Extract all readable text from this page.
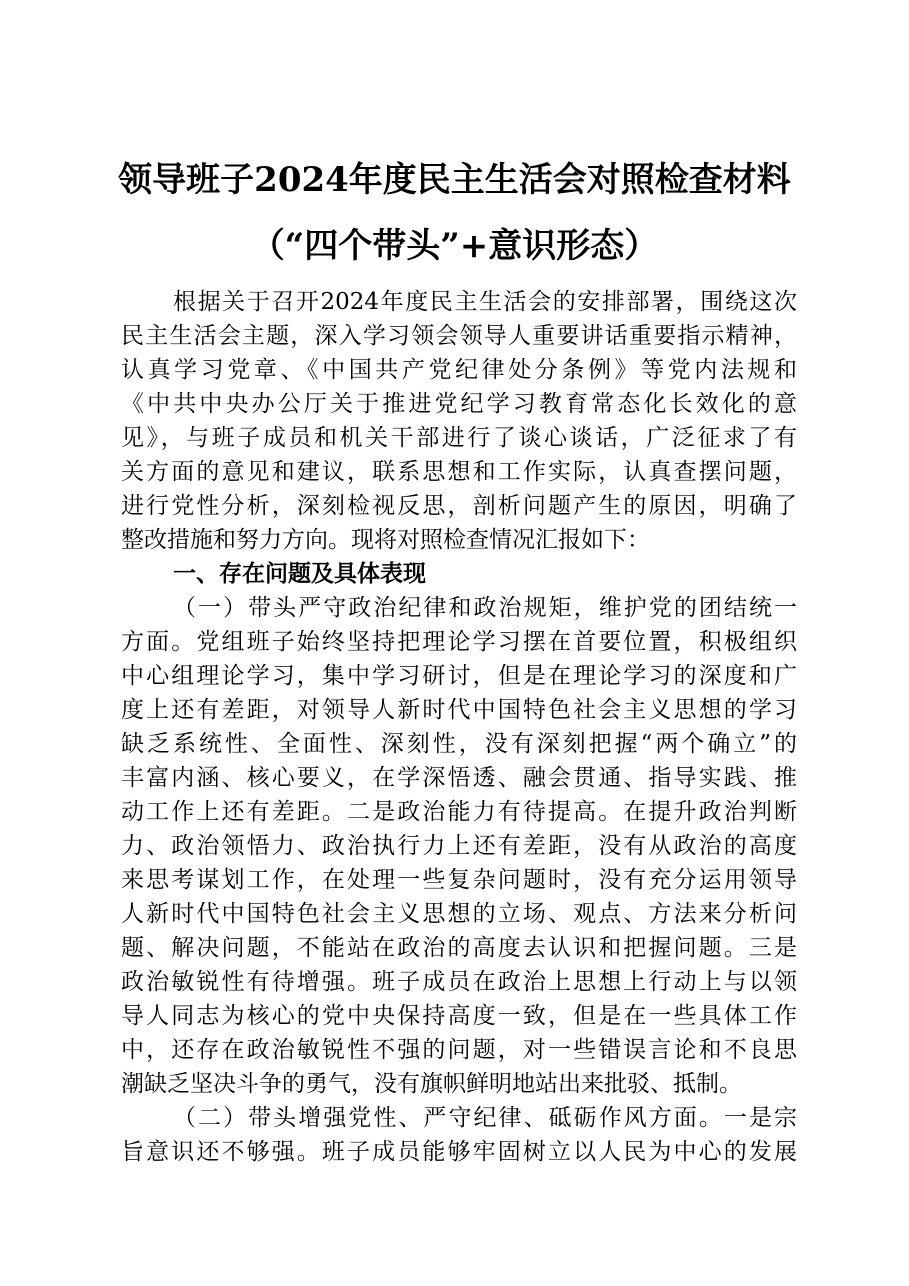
领导班子2024年度民主生活会对照检查材料
（“四个带头”+意识形态）
根据关于召开2024年度民主生活会的安排部署，围绕这次
民主生活会主题，深入学习领会领导人重要讲话重要指示精神，
认真学习党章、《中国共产党纪律处分条例》等党内法规和
《中共中央办公厅关于推进党纪学习教育常态化长效化的意
见》，与班子成员和机关干部进行了谈心谈话，广泛征求了有
关方面的意见和建议，联系思想和工作实际，认真查摆问题，
进行党性分析，深刻检视反思，剖析问题产生的原因，明确了
整改措施和努力方向。现将对照检查情况汇报如下：
一、存在问题及具体表现
（一）带头严守政治纪律和政治规矩，维护党的团结统一
方面。党组班子始终坚持把理论学习摆在首要位置，积极组织
中心组理论学习，集中学习研讨，但是在理论学习的深度和广
度上还有差距，对领导人新时代中国特色社会主义思想的学习
缺乏系统性、全面性、深刻性，没有深刻把握“两个确立”的
丰富内涵、核心要义，在学深悟透、融会贯通、指导实践、推
动工作上还有差距。二是政治能力有待提高。在提升政治判断
力、政治领悟力、政治执行力上还有差距，没有从政治的高度
来思考谋划工作，在处理一些复杂问题时，没有充分运用领导
人新时代中国特色社会主义思想的立场、观点、方法来分析问
题、解决问题，不能站在政治的高度去认识和把握问题。三是
政治敏锐性有待增强。班子成员在政治上思想上行动上与以领
导人同志为核心的党中央保持高度一致，但是在一些具体工作
中，还存在政治敏锐性不强的问题，对一些错误言论和不良思
潮缺乏坚决斗争的勇气，没有旗帜鲜明地站出来批驳、抵制。
（二）带头增强党性、严守纪律、砥砺作风方面。一是宗
旨意识还不够强。班子成员能够牢固树立以人民为中心的发展
